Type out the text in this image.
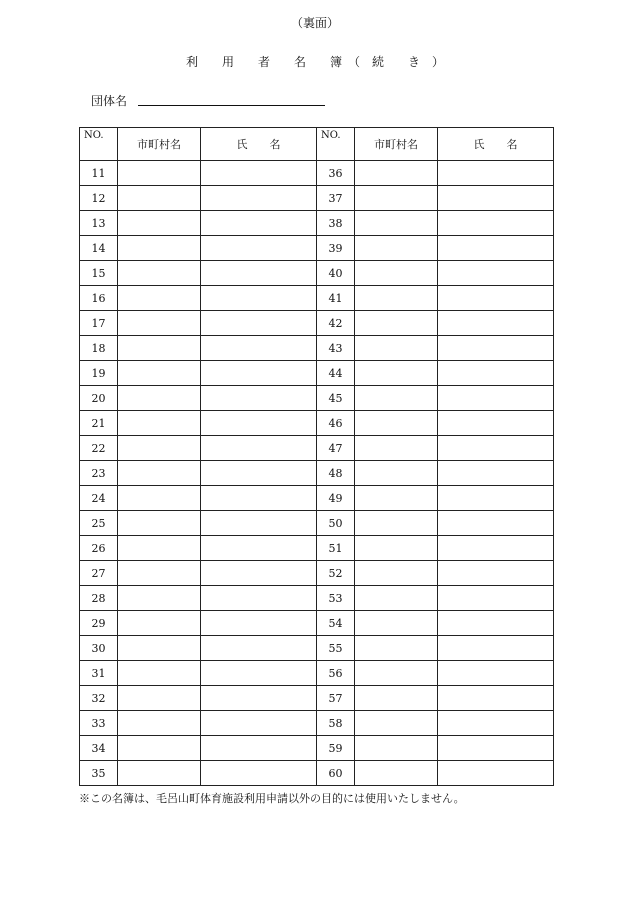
（裏面）
利　　用　　者　　名　　簿　（　続　　き　）
団体名
NO.	市町村名	氏　　名	NO.	市町村名	氏　　名
11			36		
12			37		
13			38		
14			39		
15			40		
16			41		
17			42		
18			43		
19			44		
20			45		
21			46		
22			47		
23			48		
24			49		
25			50		
26			51		
27			52		
28			53		
29			54		
30			55		
31			56		
32			57		
33			58		
34			59		
35			60		
※この名簿は、毛呂山町体育施設利用申請以外の目的には使用いたしません。
